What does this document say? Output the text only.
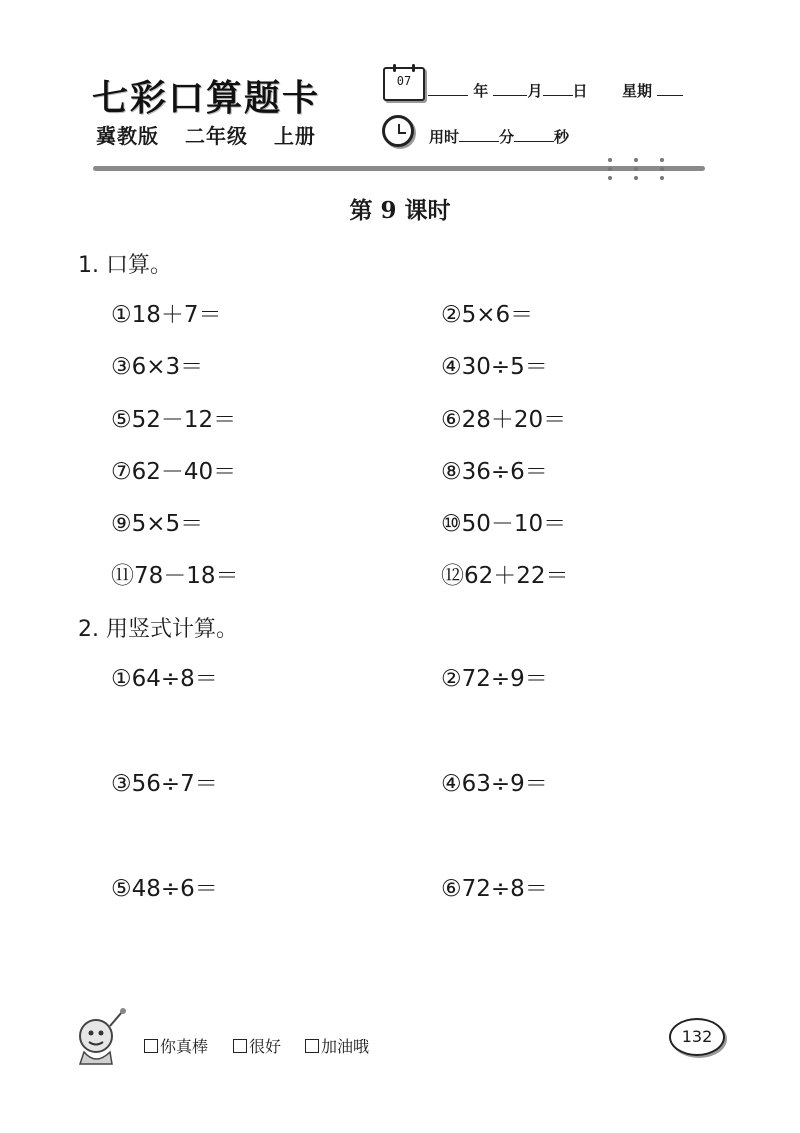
七彩口算题卡
冀教版 二年级 上册
07
年	月 日 星期
用时	分	秒
第 9 课时
1. 口算。
①18＋7＝	②5×6＝
③6×3＝	④30÷5＝
⑤52－12＝	⑥28＋20＝
⑦62－40＝	⑧36÷6＝
⑨5×5＝	⑩50－10＝
⑪78－18＝	⑫62＋22＝
2. 用竖式计算。
①64÷8＝	②72÷9＝
③56÷7＝	④63÷9＝
⑤48÷6＝	⑥72÷8＝
你真棒	很好	加油哦
132
